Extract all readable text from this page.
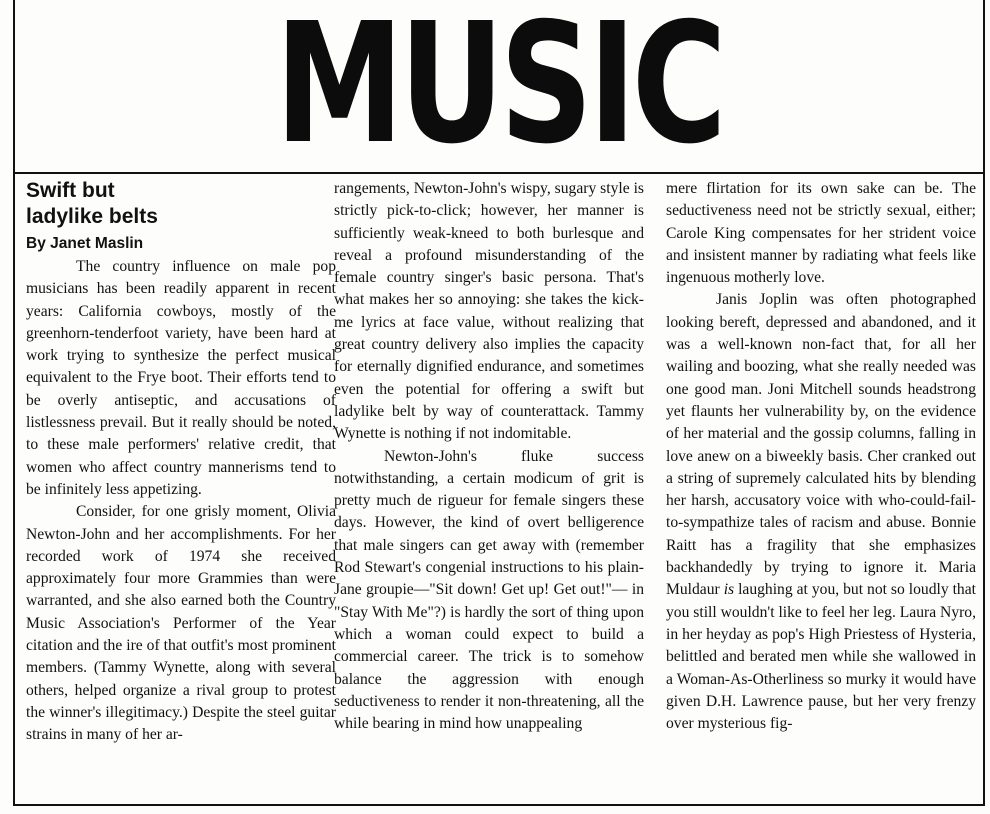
MUSIC
Swift but
ladylike belts
By Janet Maslin

The country influence on male pop musicians has been readily apparent in recent years: California cowboys, mostly of the greenhorn-tenderfoot variety, have been hard at work trying to synthesize the perfect musical equivalent to the Frye boot. Their efforts tend to be overly antiseptic, and accusations of listlessness prevail. But it really should be noted, to these male performers' relative credit, that women who affect country mannerisms tend to be infinitely less appetizing.

Consider, for one grisly moment, Olivia Newton-John and her accomplishments. For her recorded work of 1974 she received approximately four more Grammies than were warranted, and she also earned both the Country Music Association's Performer of the Year citation and the ire of that outfit's most prominent members. (Tammy Wynette, along with several others, helped organize a rival group to protest the winner's illegitimacy.) Despite the steel guitar strains in many of her ar-

rangements, Newton-John's wispy, sugary style is strictly pick-to-click; however, her manner is sufficiently weak-kneed to both burlesque and reveal a profound misunderstanding of the female country singer's basic persona. That's what makes her so annoying: she takes the kick-me lyrics at face value, without realizing that great country delivery also implies the capacity for eternally dignified endurance, and sometimes even the potential for offering a swift but ladylike belt by way of counterattack. Tammy Wynette is nothing if not indomitable.

Newton-John's fluke success notwithstanding, a certain modicum of grit is pretty much de rigueur for female singers these days. However, the kind of overt belligerence that male singers can get away with (remember Rod Stewart's congenial instructions to his plain-Jane groupie—"Sit down! Get up! Get out!"— in "Stay With Me"?) is hardly the sort of thing upon which a woman could expect to build a commercial career. The trick is to somehow balance the aggression with enough seductiveness to render it non-threatening, all the while bearing in mind how unappealing

mere flirtation for its own sake can be. The seductiveness need not be strictly sexual, either; Carole King compensates for her strident voice and insistent manner by radiating what feels like ingenuous motherly love.

Janis Joplin was often photographed looking bereft, depressed and abandoned, and it was a well-known non-fact that, for all her wailing and boozing, what she really needed was one good man. Joni Mitchell sounds headstrong yet flaunts her vulnerability by, on the evidence of her material and the gossip columns, falling in love anew on a biweekly basis. Cher cranked out a string of supremely calculated hits by blending her harsh, accusatory voice with who-could-fail-to-sympathize tales of racism and abuse. Bonnie Raitt has a fragility that she emphasizes backhandedly by trying to ignore it. Maria Muldaur is laughing at you, but not so loudly that you still wouldn't like to feel her leg. Laura Nyro, in her heyday as pop's High Priestess of Hysteria, belittled and berated men while she wallowed in a Woman-As-Otherliness so murky it would have given D.H. Lawrence pause, but her very frenzy over mysterious fig-
